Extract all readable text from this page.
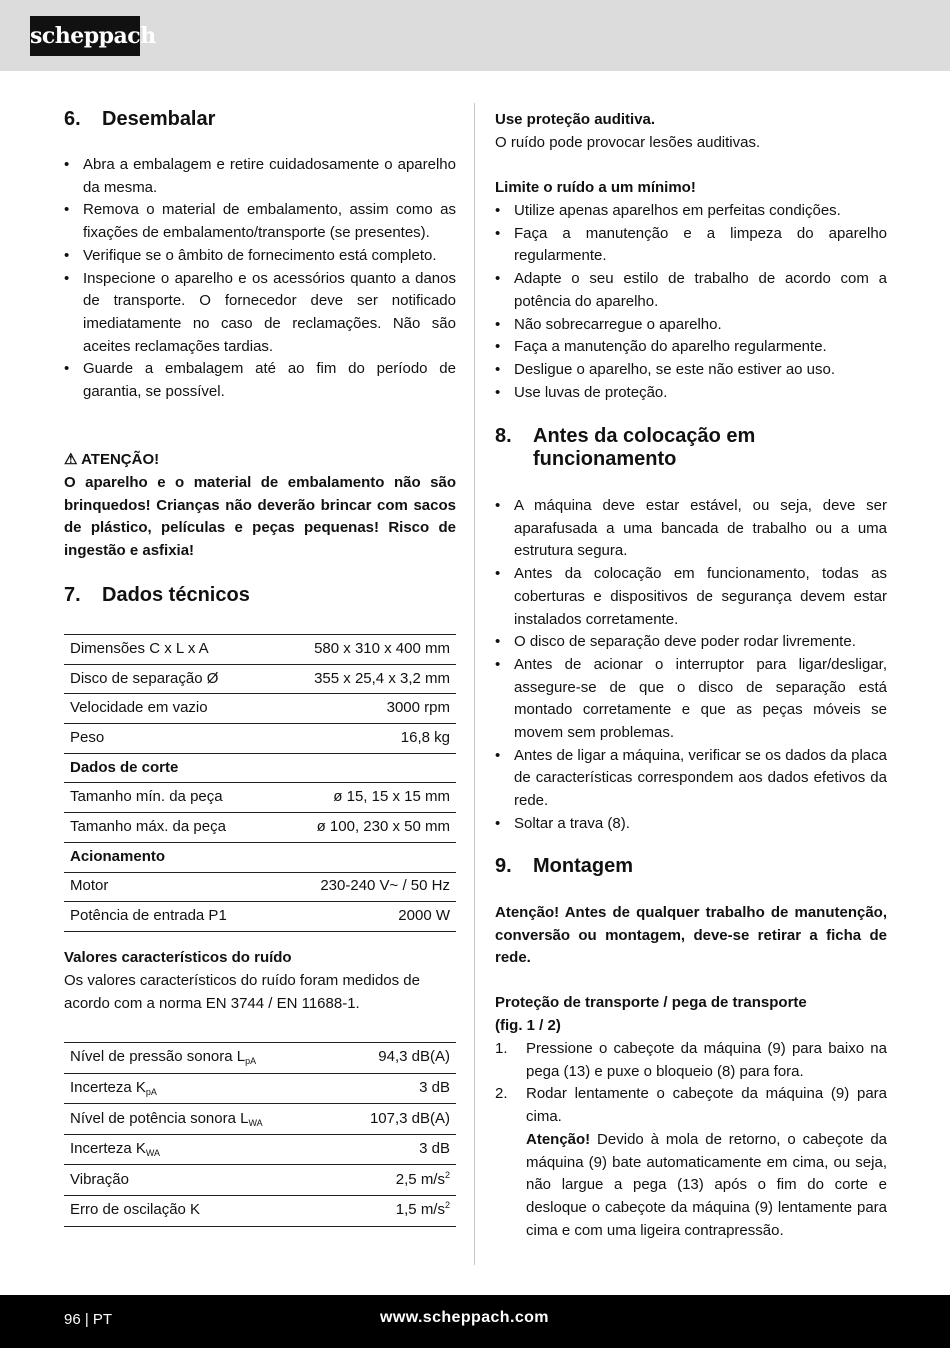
scheppach
6. Desembalar
• Abra a embalagem e retire cuidadosamente o aparelho da mesma.
• Remova o material de embalamento, assim como as fixações de embalamento/transporte (se presentes).
• Verifique se o âmbito de fornecimento está completo.
• Inspecione o aparelho e os acessórios quanto a danos de transporte. O fornecedor deve ser notificado imediatamente no caso de reclamações. Não são aceites reclamações tardias.
• Guarde a embalagem até ao fim do período de garantia, se possível.
⚠ ATENÇÃO!
O aparelho e o material de embalamento não são brinquedos! Crianças não deverão brincar com sacos de plástico, películas e peças pequenas! Risco de ingestão e asfixia!
7. Dados técnicos
Dimensões C x L x A	580 x 310 x 400 mm
Disco de separação Ø	355 x 25,4 x 3,2 mm
Velocidade em vazio	3000 rpm
Peso	16,8 kg
Dados de corte	
Tamanho mín. da peça	ø 15, 15 x 15 mm
Tamanho máx. da peça	ø 100, 230 x 50 mm
Acionamento	
Motor	230-240 V~ / 50 Hz
Potência de entrada P1	2000 W
Valores característicos do ruído
Os valores característicos do ruído foram medidos de acordo com a norma EN 3744 / EN 11688-1.
Nível de pressão sonora $L_{pA}$	94,3 dB(A)
Incerteza $K_{pA}$	3 dB
Nível de potência sonora $L_{WA}$	107,3 dB(A)
Incerteza $K_{WA}$	3 dB
Vibração	2,5 $m/s^2$
Erro de oscilação K	1,5 $m/s^2$
Use proteção auditiva.
O ruído pode provocar lesões auditivas.
Limite o ruído a um mínimo!
• Utilize apenas aparelhos em perfeitas condições.
• Faça a manutenção e a limpeza do aparelho regularmente.
• Adapte o seu estilo de trabalho de acordo com a potência do aparelho.
• Não sobrecarregue o aparelho.
• Faça a manutenção do aparelho regularmente.
• Desligue o aparelho, se este não estiver ao uso.
• Use luvas de proteção.
8. Antes da colocação em funcionamento
• A máquina deve estar estável, ou seja, deve ser aparafusada a uma bancada de trabalho ou a uma estrutura segura.
• Antes da colocação em funcionamento, todas as coberturas e dispositivos de segurança devem estar instalados corretamente.
• O disco de separação deve poder rodar livremente.
• Antes de acionar o interruptor para ligar/desligar, assegure-se de que o disco de separação está montado corretamente e que as peças móveis se movem sem problemas.
• Antes de ligar a máquina, verificar se os dados da placa de características correspondem aos dados efetivos da rede.
• Soltar a trava (8).
9. Montagem
Atenção! Antes de qualquer trabalho de manutenção, conversão ou montagem, deve-se retirar a ficha de rede.
Proteção de transporte / pega de transporte
(fig. 1 / 2)
1. Pressione o cabeçote da máquina (9) para baixo na pega (13) e puxe o bloqueio (8) para fora.
2. Rodar lentamente o cabeçote da máquina (9) para cima.
Atenção! Devido à mola de retorno, o cabeçote da máquina (9) bate automaticamente em cima, ou seja, não largue a pega (13) após o fim do corte e desloque o cabeçote da máquina (9) lentamente para cima e com uma ligeira contrapressão.
96 | PT	www.scheppach.com
